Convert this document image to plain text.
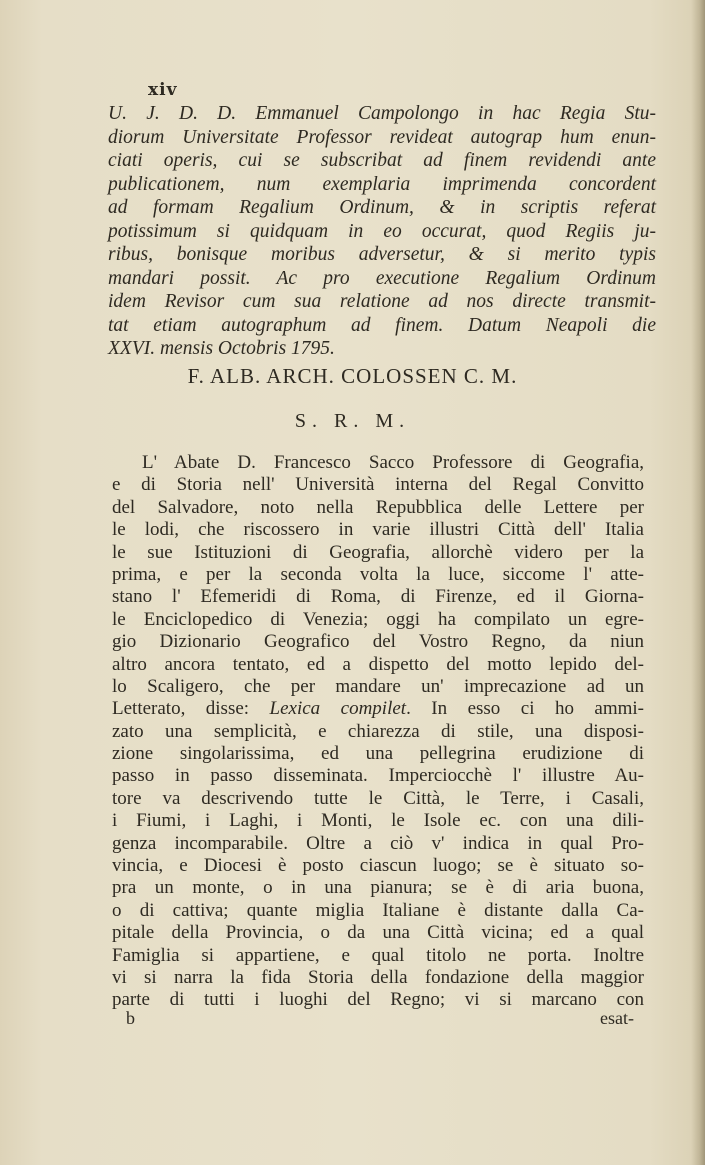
xiv
U. J. D. D. Emmanuel Campolongo in hac Regia Stu-
diorum Universitate Professor revideat autograp hum enun-
ciati operis, cui se subscribat ad finem revidendi ante
publicationem, num exemplaria imprimenda concordent
ad formam Regalium Ordinum, & in scriptis referat
potissimum si quidquam in eo occurat, quod Regiis ju-
ribus, bonisque moribus adversetur, & si merito typis
mandari possit. Ac pro executione Regalium Ordinum
idem Revisor cum sua relatione ad nos directe transmit-
tat etiam autographum ad finem. Datum Neapoli die
XXVI. mensis Octobris 1795.
F. ALB. ARCH. COLOSSEN C. M.
S. R. M.
L' Abate D. Francesco Sacco Professore di Geografia,
e di Storia nell' Università interna del Regal Convitto
del Salvadore, noto nella Repubblica delle Lettere per
le lodi, che riscossero in varie illustri Città dell' Italia
le sue Istituzioni di Geografia, allorchè videro per la
prima, e per la seconda volta la luce, siccome l' atte-
stano l' Efemeridi di Roma, di Firenze, ed il Giorna-
le Enciclopedico di Venezia; oggi ha compilato un egre-
gio Dizionario Geografico del Vostro Regno, da niun
altro ancora tentato, ed a dispetto del motto lepido del-
lo Scaligero, che per mandare un' imprecazione ad un
Letterato, disse: Lexica compilet. In esso ci ho ammi-
zato una semplicità, e chiarezza di stile, una disposi-
zione singolarissima, ed una pellegrina erudizione di
passo in passo disseminata. Imperciocchè l' illustre Au-
tore va descrivendo tutte le Città, le Terre, i Casali,
i Fiumi, i Laghi, i Monti, le Isole ec. con una dili-
genza incomparabile. Oltre a ciò v' indica in qual Pro-
vincia, e Diocesi è posto ciascun luogo; se è situato so-
pra un monte, o in una pianura; se è di aria buona,
o di cattiva; quante miglia Italiane è distante dalla Ca-
pitale della Provincia, o da una Città vicina; ed a qual
Famiglia si appartiene, e qual titolo ne porta. Inoltre
vi si narra la fida Storia della fondazione della maggior
parte di tutti i luoghi del Regno; vi si marcano con
b	esat-
